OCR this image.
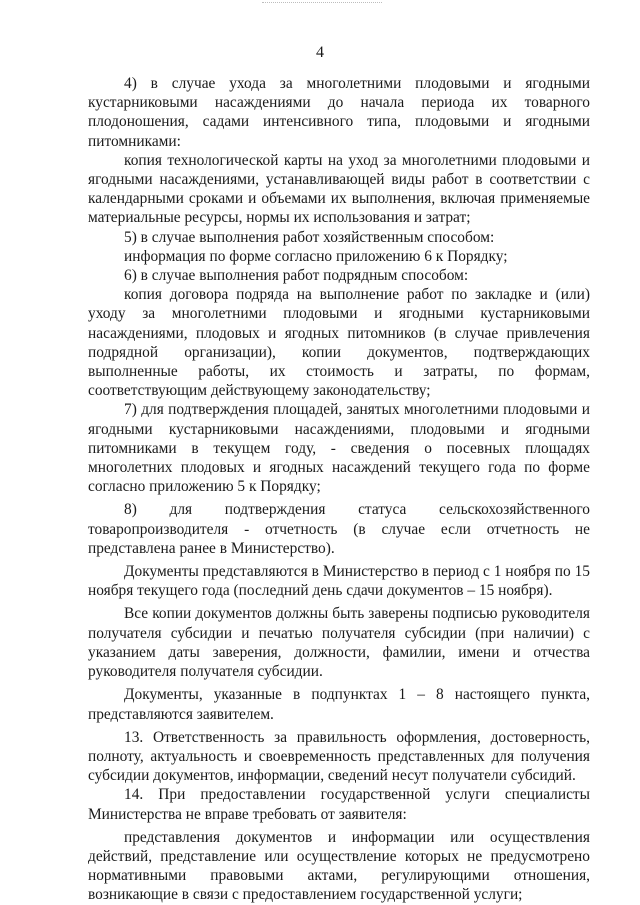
4

4) в случае ухода за многолетними плодовыми и ягодными кустарниковыми насаждениями до начала периода их товарного плодоношения, садами интенсивного типа, плодовыми и ягодными питомниками:

копия технологической карты на уход за многолетними плодовыми и ягодными насаждениями, устанавливающей виды работ в соответствии с календарными сроками и объемами их выполнения, включая применяемые материальные ресурсы, нормы их использования и затрат;

5) в случае выполнения работ хозяйственным способом:

информация по форме согласно приложению 6 к Порядку;

6) в случае выполнения работ подрядным способом:

копия договора подряда на выполнение работ по закладке и (или) уходу за многолетними плодовыми и ягодными кустарниковыми насаждениями, плодовых и ягодных питомников (в случае привлечения подрядной организации), копии документов, подтверждающих выполненные работы, их стоимость и затраты, по формам, соответствующим действующему законодательству;

7) для подтверждения площадей, занятых многолетними плодовыми и ягодными кустарниковыми насаждениями, плодовыми и ягодными питомниками в текущем году, - сведения о посевных площадях многолетних плодовых и ягодных насаждений текущего года по форме согласно приложению 5 к Порядку;

8) для подтверждения статуса сельскохозяйственного товаропроизводителя - отчетность (в случае если отчетность не представлена ранее в Министерство).

Документы представляются в Министерство в период с 1 ноября по 15 ноября текущего года (последний день сдачи документов – 15 ноября).

Все копии документов должны быть заверены подписью руководителя получателя субсидии и печатью получателя субсидии (при наличии) с указанием даты заверения, должности, фамилии, имени и отчества руководителя получателя субсидии.

Документы, указанные в подпунктах 1 – 8 настоящего пункта, представляются заявителем.

13. Ответственность за правильность оформления, достоверность, полноту, актуальность и своевременность представленных для получения субсидии документов, информации, сведений несут получатели субсидий.

14. При предоставлении государственной услуги специалисты Министерства не вправе требовать от заявителя:

представления документов и информации или осуществления действий, представление или осуществление которых не предусмотрено нормативными правовыми актами, регулирующими отношения, возникающие в связи с предоставлением государственной услуги;
